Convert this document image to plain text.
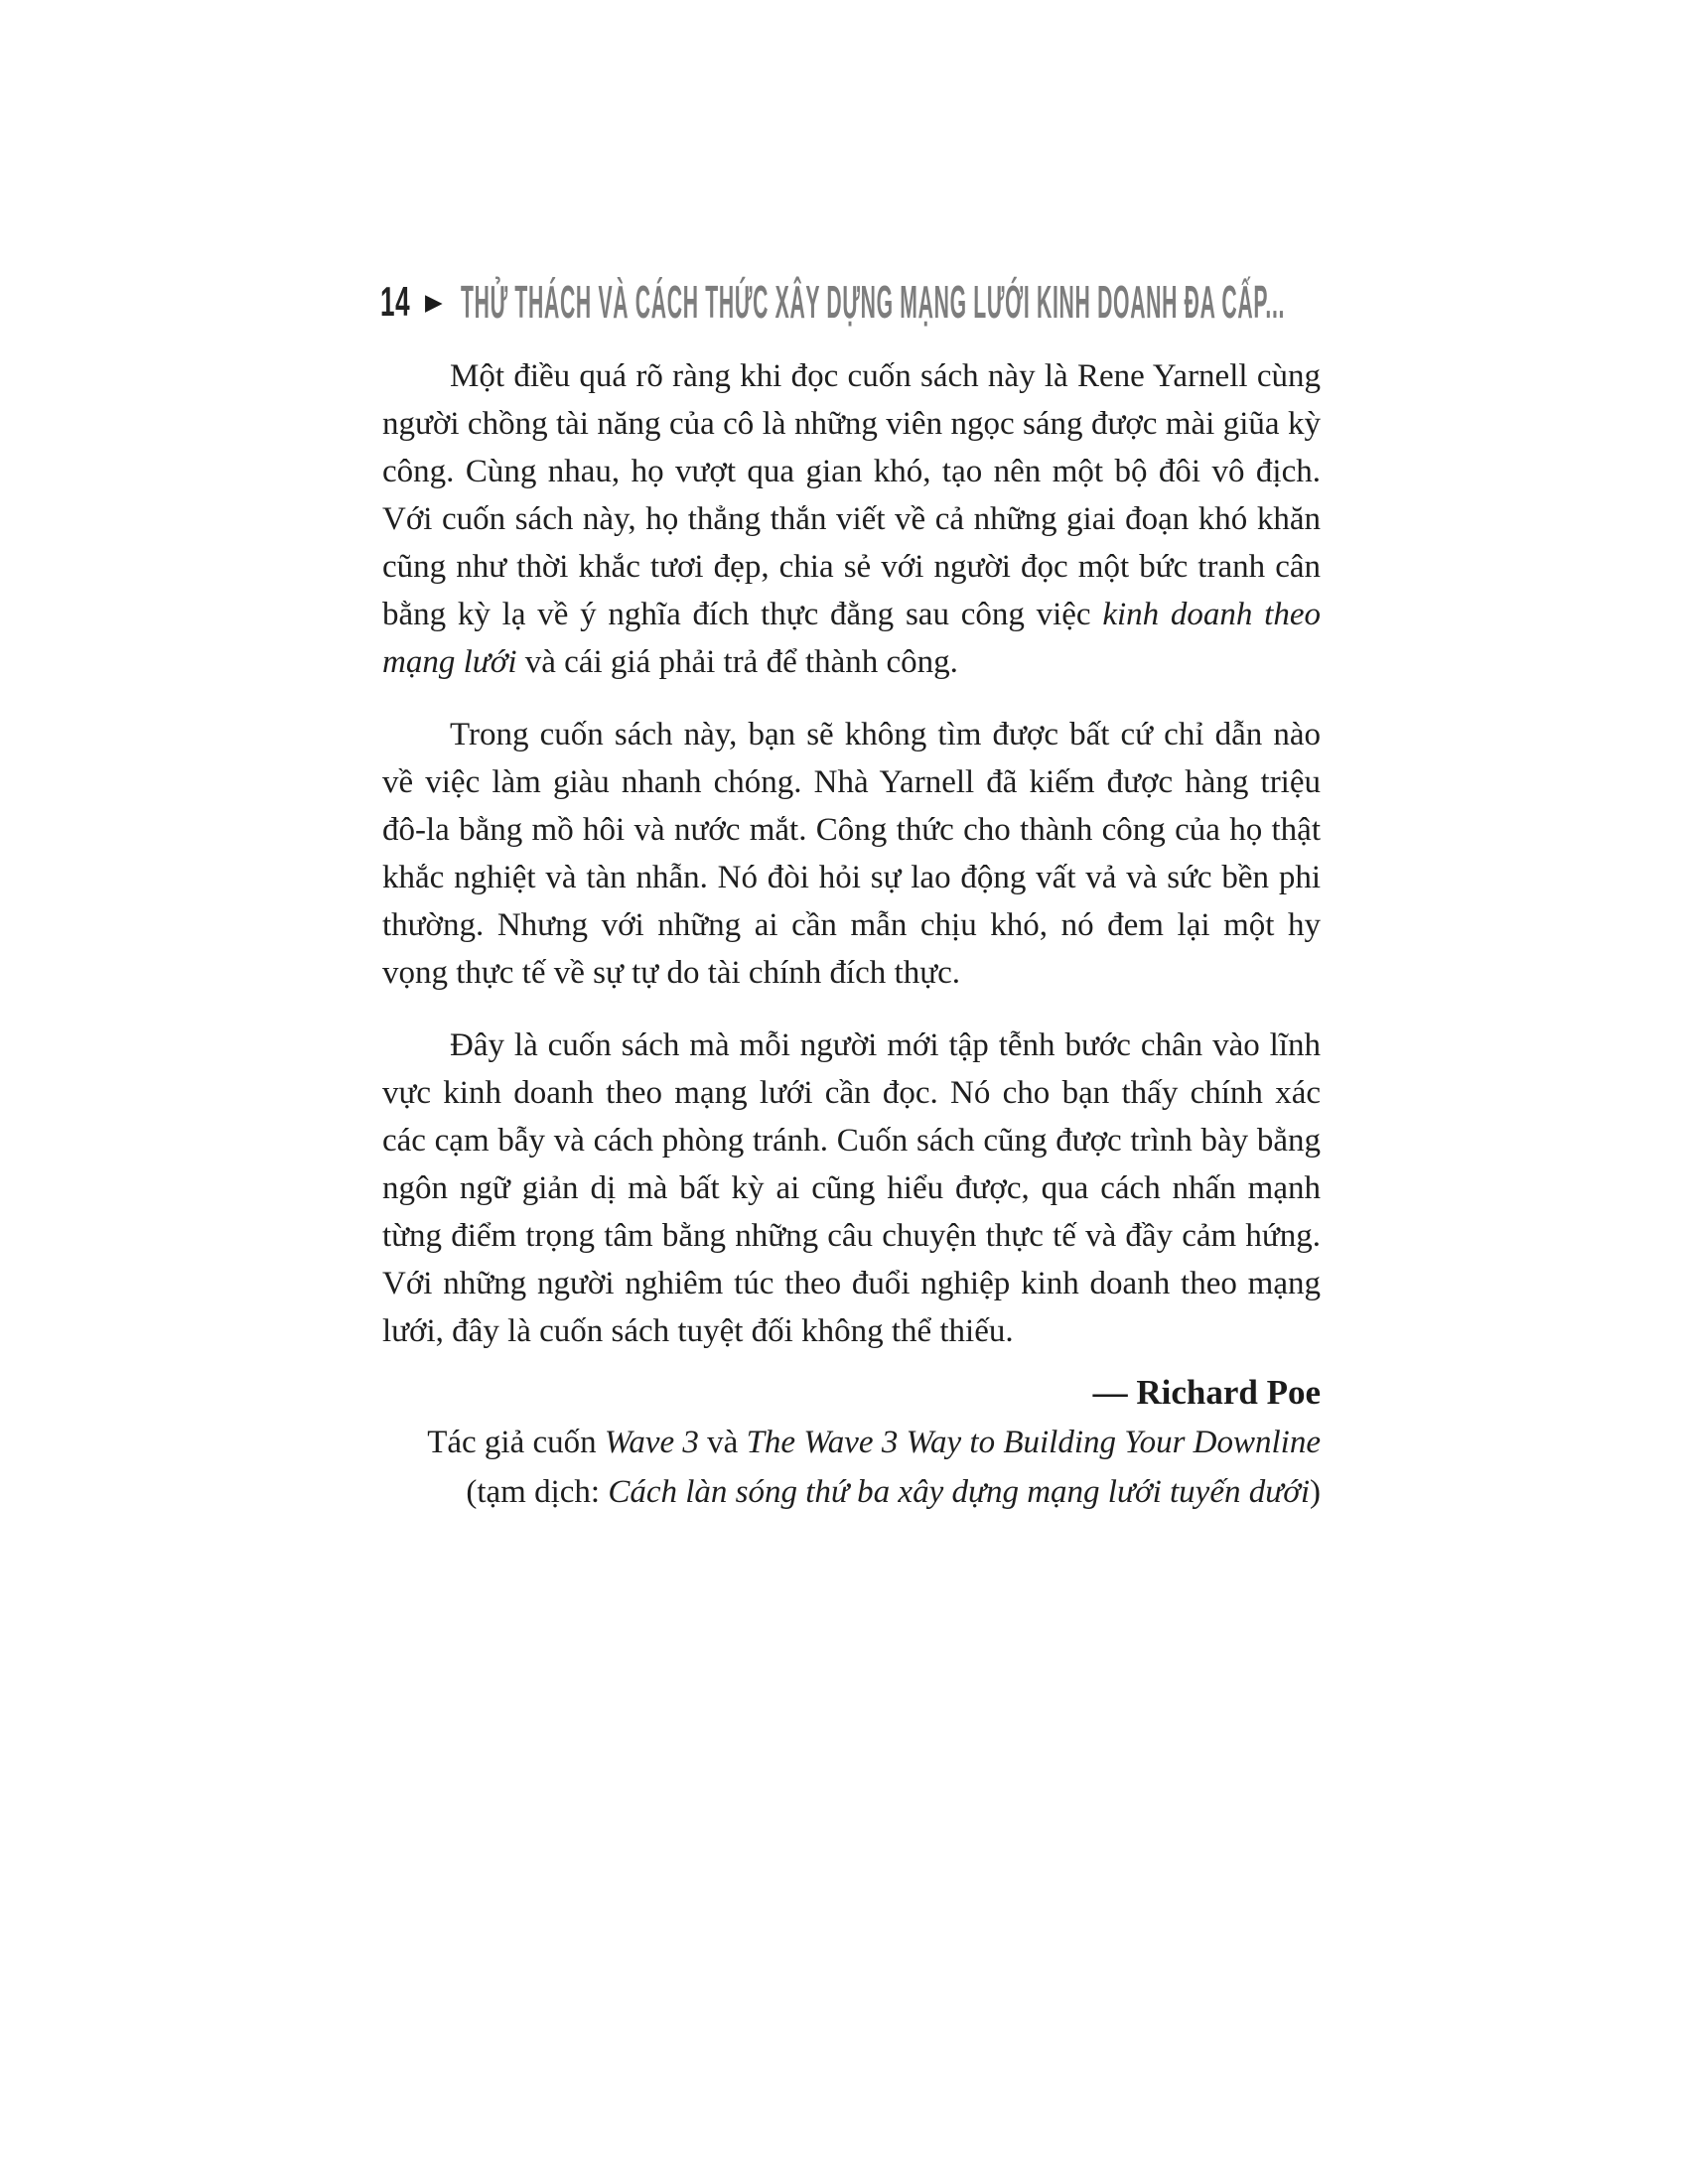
14 ▶ THỬ THÁCH VÀ CÁCH THỨC XÂY DỰNG MẠNG LƯỚI KINH DOANH ĐA CẤP...
Một điều quá rõ ràng khi đọc cuốn sách này là Rene Yarnell cùng
người chồng tài năng của cô là những viên ngọc sáng được mài giũa kỳ
công. Cùng nhau, họ vượt qua gian khó, tạo nên một bộ đôi vô địch.
Với cuốn sách này, họ thẳng thắn viết về cả những giai đoạn khó khăn
cũng như thời khắc tươi đẹp, chia sẻ với người đọc một bức tranh cân
bằng kỳ lạ về ý nghĩa đích thực đằng sau công việc kinh doanh theo
mạng lưới và cái giá phải trả để thành công.
Trong cuốn sách này, bạn sẽ không tìm được bất cứ chỉ dẫn nào
về việc làm giàu nhanh chóng. Nhà Yarnell đã kiếm được hàng triệu
đô-la bằng mồ hôi và nước mắt. Công thức cho thành công của họ thật
khắc nghiệt và tàn nhẫn. Nó đòi hỏi sự lao động vất vả và sức bền phi
thường. Nhưng với những ai cần mẫn chịu khó, nó đem lại một hy
vọng thực tế về sự tự do tài chính đích thực.
Đây là cuốn sách mà mỗi người mới tập tễnh bước chân vào lĩnh
vực kinh doanh theo mạng lưới cần đọc. Nó cho bạn thấy chính xác
các cạm bẫy và cách phòng tránh. Cuốn sách cũng được trình bày bằng
ngôn ngữ giản dị mà bất kỳ ai cũng hiểu được, qua cách nhấn mạnh
từng điểm trọng tâm bằng những câu chuyện thực tế và đầy cảm hứng.
Với những người nghiêm túc theo đuổi nghiệp kinh doanh theo mạng
lưới, đây là cuốn sách tuyệt đối không thể thiếu.
— Richard Poe
Tác giả cuốn Wave 3 và The Wave 3 Way to Building Your Downline
(tạm dịch: Cách làn sóng thứ ba xây dựng mạng lưới tuyến dưới)
